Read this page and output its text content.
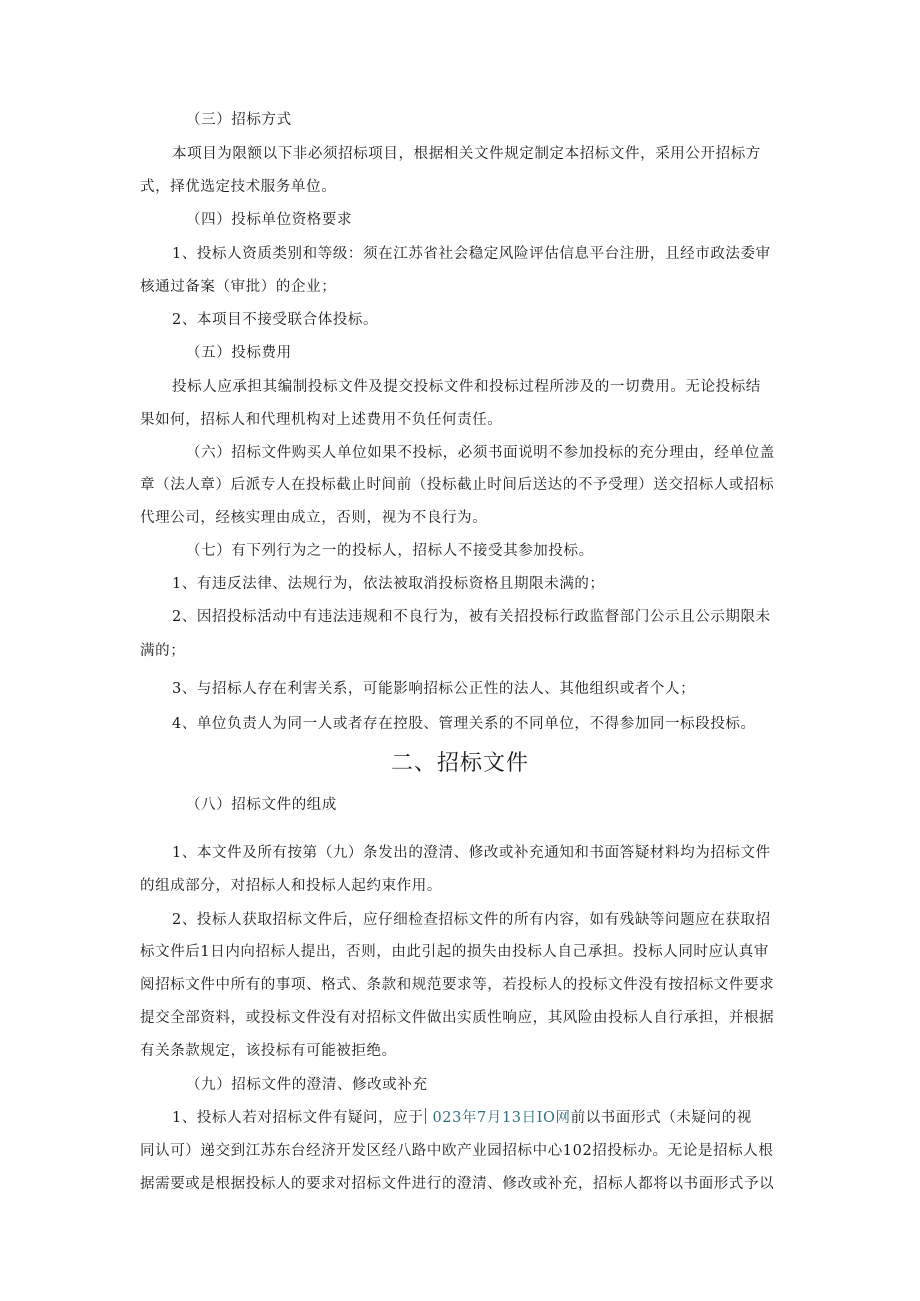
（三）招标方式
本项目为限额以下非必须招标项目，根据相关文件规定制定本招标文件，采用公开招标方
式，择优选定技术服务单位。
（四）投标单位资格要求
1、投标人资质类别和等级：须在江苏省社会稳定风险评估信息平台注册，且经市政法委审
核通过备案（审批）的企业；
2、本项目不接受联合体投标。
（五）投标费用
投标人应承担其编制投标文件及提交投标文件和投标过程所涉及的一切费用。无论投标结
果如何，招标人和代理机构对上述费用不负任何责任。
（六）招标文件购买人单位如果不投标，必须书面说明不参加投标的充分理由，经单位盖
章（法人章）后派专人在投标截止时间前（投标截止时间后送达的不予受理）送交招标人或招标
代理公司，经核实理由成立，否则，视为不良行为。
（七）有下列行为之一的投标人，招标人不接受其参加投标。
1、有违反法律、法规行为，依法被取消投标资格且期限未满的；
2、因招投标活动中有违法违规和不良行为，被有关招投标行政监督部门公示且公示期限未
满的；
3、与招标人存在利害关系，可能影响招标公正性的法人、其他组织或者个人；
4、单位负责人为同一人或者存在控股、管理关系的不同单位，不得参加同一标段投标。
二、招标文件
（八）招标文件的组成
1、本文件及所有按第（九）条发出的澄清、修改或补充通知和书面答疑材料均为招标文件
的组成部分，对招标人和投标人起约束作用。
2、投标人获取招标文件后，应仔细检查招标文件的所有内容，如有残缺等问题应在获取招
标文件后1日内向招标人提出，否则，由此引起的损失由投标人自己承担。投标人同时应认真审
阅招标文件中所有的事项、格式、条款和规范要求等，若投标人的投标文件没有按招标文件要求
提交全部资料，或投标文件没有对招标文件做出实质性响应，其风险由投标人自行承担，并根据
有关条款规定，该投标有可能被拒绝。
（九）招标文件的澄清、修改或补充
1、投标人若对招标文件有疑问，应于 023年7月13日IO网前以书面形式（未疑问的视
同认可）递交到江苏东台经济开发区经八路中欧产业园招标中心102招投标办。无论是招标人根
据需要或是根据投标人的要求对招标文件进行的澄清、修改或补充，招标人都将以书面形式予以
